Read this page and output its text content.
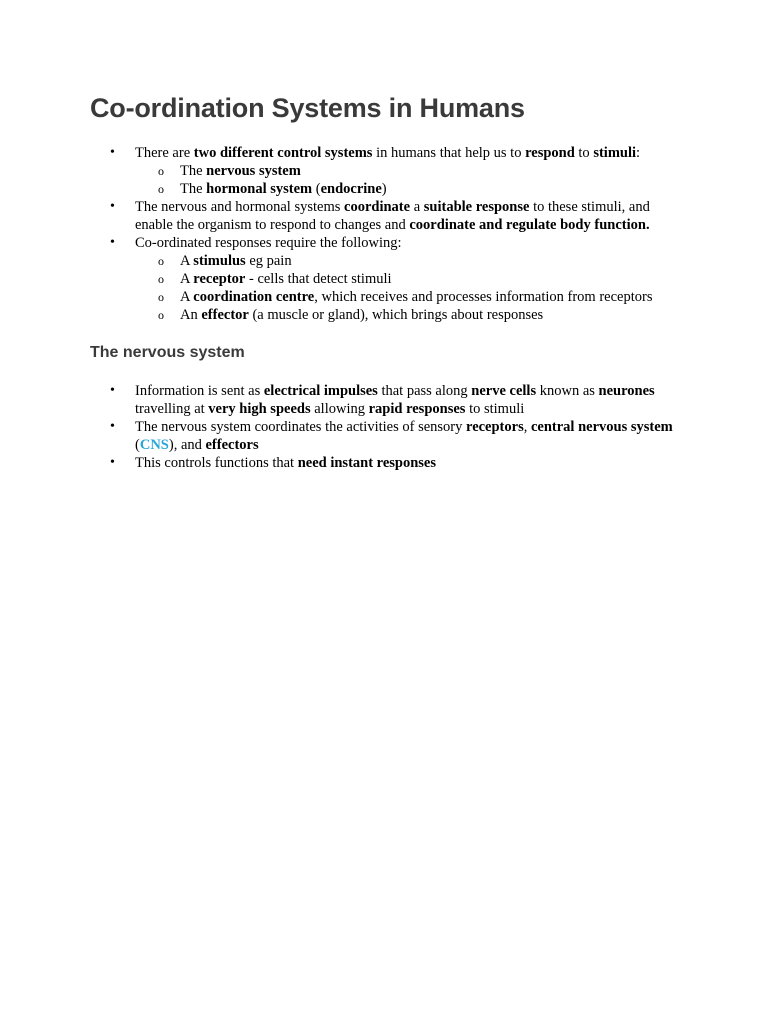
Co-ordination Systems in Humans
• There are two different control systems in humans that help us to respond to stimuli:
o The nervous system
o The hormonal system (endocrine)
• The nervous and hormonal systems coordinate a suitable response to these stimuli, and enable the organism to respond to changes and coordinate and regulate body function.
• Co-ordinated responses require the following:
o A stimulus eg pain
o A receptor - cells that detect stimuli
o A coordination centre, which receives and processes information from receptors
o An effector (a muscle or gland), which brings about responses
The nervous system
• Information is sent as electrical impulses that pass along nerve cells known as neurones travelling at very high speeds allowing rapid responses to stimuli
• The nervous system coordinates the activities of sensory receptors, central nervous system (CNS), and effectors
• This controls functions that need instant responses
